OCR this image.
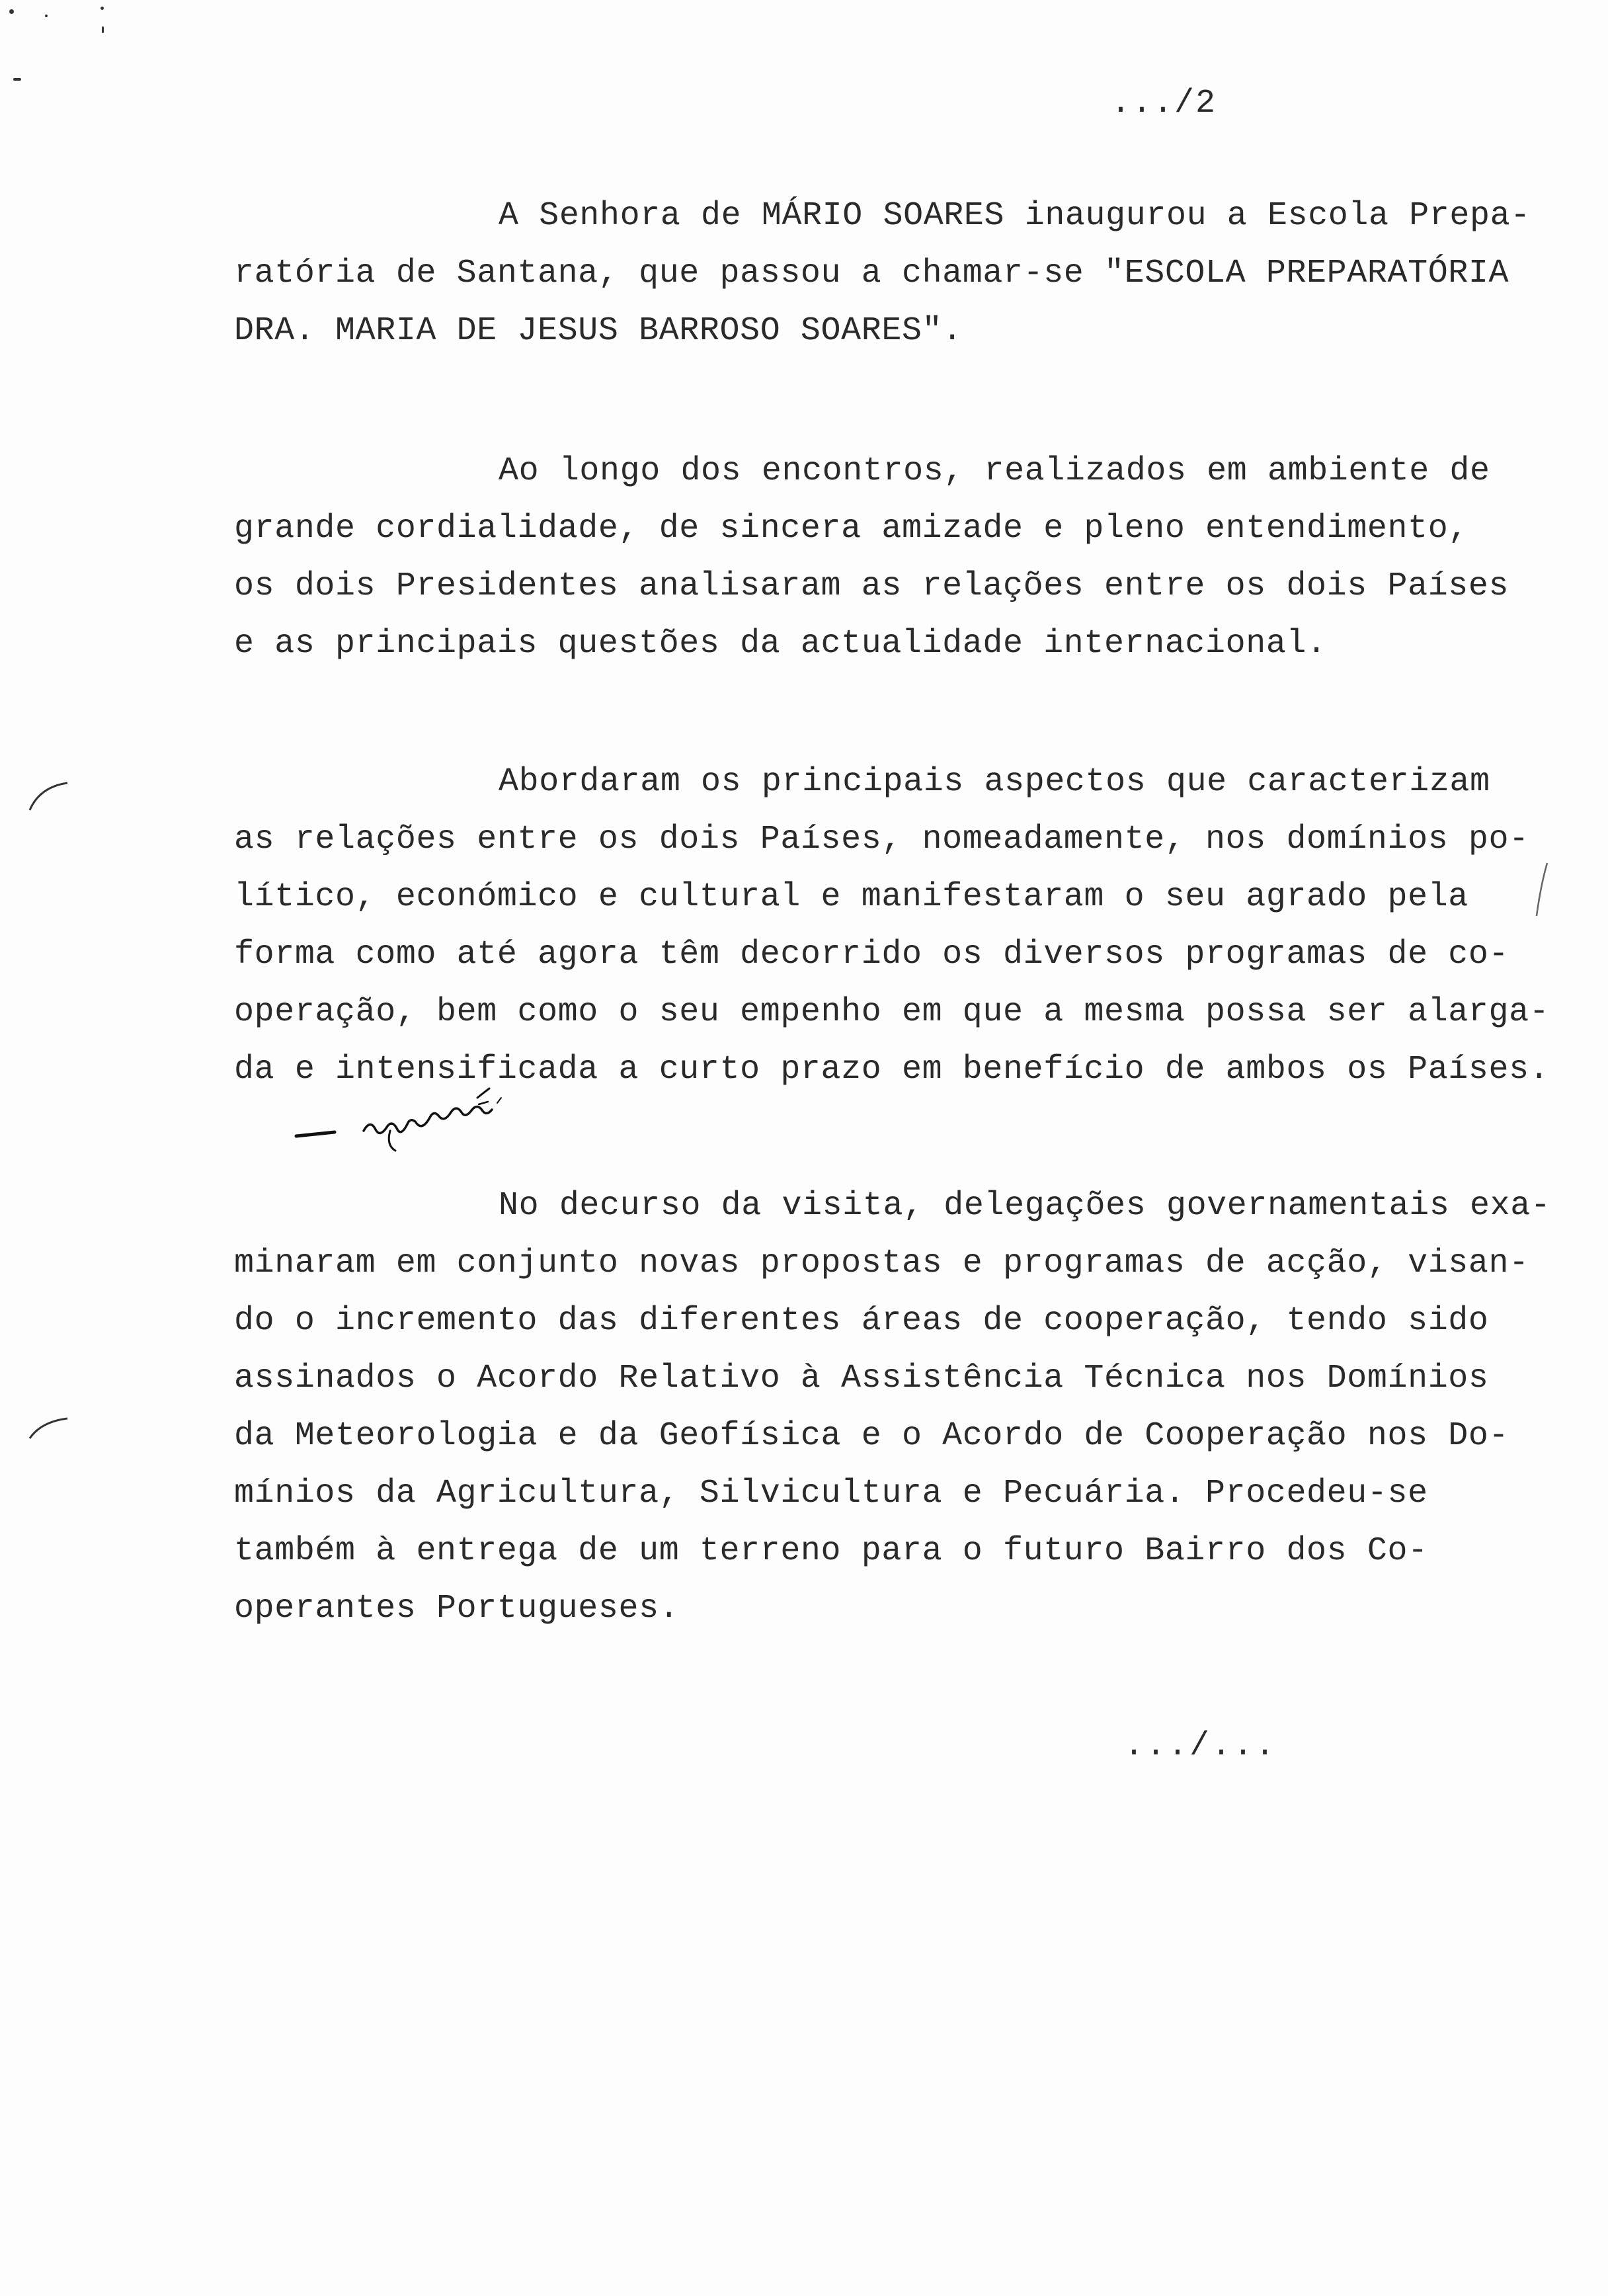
.../2
A Senhora de MÁRIO SOARES inaugurou a Escola Prepa-
ratória de Santana, que passou a chamar-se "ESCOLA PREPARATÓRIA
DRA. MARIA DE JESUS BARROSO SOARES".
Ao longo dos encontros, realizados em ambiente de
grande cordialidade, de sincera amizade e pleno entendimento,
os dois Presidentes analisaram as relações entre os dois Países
e as principais questões da actualidade internacional.
Abordaram os principais aspectos que caracterizam
as relações entre os dois Países, nomeadamente, nos domínios po-
lítico, económico e cultural e manifestaram o seu agrado pela
forma como até agora têm decorrido os diversos programas de co-
operação, bem como o seu empenho em que a mesma possa ser alarga-
da e intensificada a curto prazo em benefício de ambos os Países.
No decurso da visita, delegações governamentais exa-
minaram em conjunto novas propostas e programas de acção, visan-
do o incremento das diferentes áreas de cooperação, tendo sido
assinados o Acordo Relativo à Assistência Técnica nos Domínios
da Meteorologia e da Geofísica e o Acordo de Cooperação nos Do-
mínios da Agricultura, Silvicultura e Pecuária. Procedeu-se
também à entrega de um terreno para o futuro Bairro dos Co-
operantes Portugueses.
.../...
